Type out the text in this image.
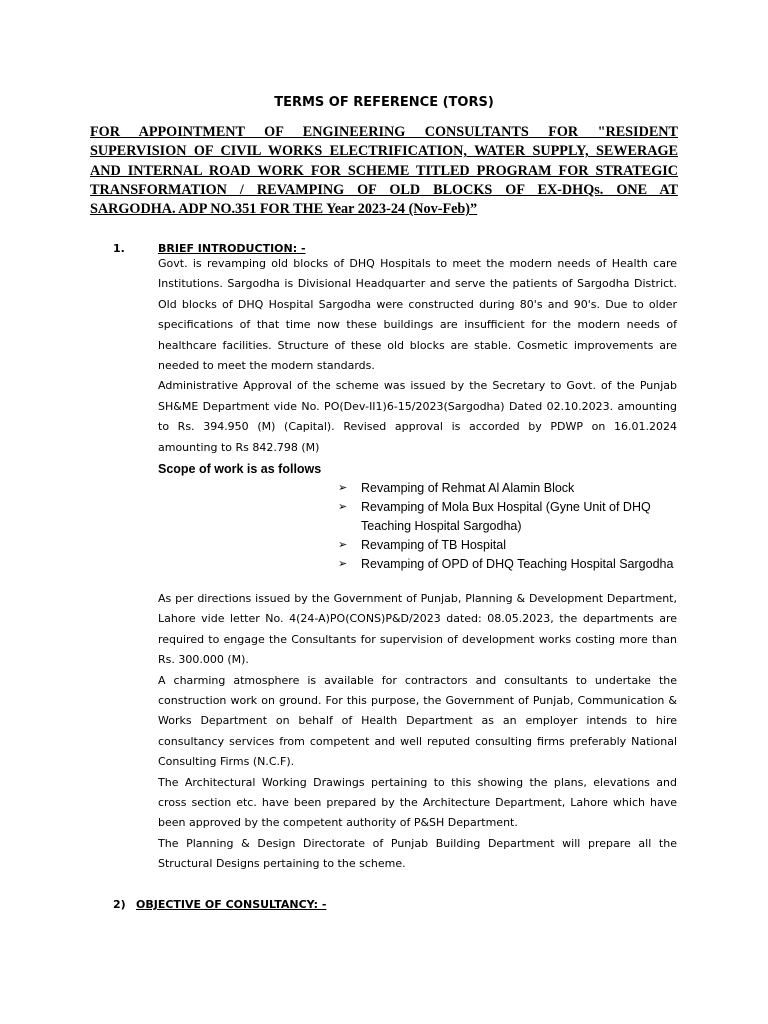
TERMS OF REFERENCE (TORS)
FOR APPOINTMENT OF ENGINEERING CONSULTANTS FOR "RESIDENT SUPERVISION OF CIVIL WORKS ELECTRIFICATION, WATER SUPPLY, SEWERAGE AND INTERNAL ROAD WORK FOR SCHEME TITLED PROGRAM FOR STRATEGIC TRANSFORMATION / REVAMPING OF OLD BLOCKS OF EX-DHQs. ONE AT SARGODHA. ADP NO.351 FOR THE Year 2023-24 (Nov-Feb)”
1.	BRIEF INTRODUCTION: -

Govt. is revamping old blocks of DHQ Hospitals to meet the modern needs of Health care Institutions. Sargodha is Divisional Headquarter and serve the patients of Sargodha District. Old blocks of DHQ Hospital Sargodha were constructed during 80's and 90's. Due to older specifications of that time now these buildings are insufficient for the modern needs of healthcare facilities. Structure of these old blocks are stable. Cosmetic improvements are needed to meet the modern standards.

Administrative Approval of the scheme was issued by the Secretary to Govt. of the Punjab SH&ME Department vide No. PO(Dev-II1)6-15/2023(Sargodha) Dated 02.10.2023. amounting to Rs. 394.950 (M) (Capital). Revised approval is accorded by PDWP on 16.01.2024 amounting to Rs 842.798 (M)

Scope of work is as follows
➢ Revamping of Rehmat Al Alamin Block
➢ Revamping of Mola Bux Hospital (Gyne Unit of DHQ Teaching Hospital Sargodha)
➢ Revamping of TB Hospital
➢ Revamping of OPD of DHQ Teaching Hospital Sargodha

As per directions issued by the Government of Punjab, Planning & Development Department, Lahore vide letter No. 4(24-A)PO(CONS)P&D/2023 dated: 08.05.2023, the departments are required to engage the Consultants for supervision of development works costing more than Rs. 300.000 (M).

A charming atmosphere is available for contractors and consultants to undertake the construction work on ground. For this purpose, the Government of Punjab, Communication & Works Department on behalf of Health Department as an employer intends to hire consultancy services from competent and well reputed consulting firms preferably National Consulting Firms (N.C.F).

The Architectural Working Drawings pertaining to this showing the plans, elevations and cross section etc. have been prepared by the Architecture Department, Lahore which have been approved by the competent authority of P&SH Department.

The Planning & Design Directorate of Punjab Building Department will prepare all the Structural Designs pertaining to the scheme.

2) OBJECTIVE OF CONSULTANCY: -
